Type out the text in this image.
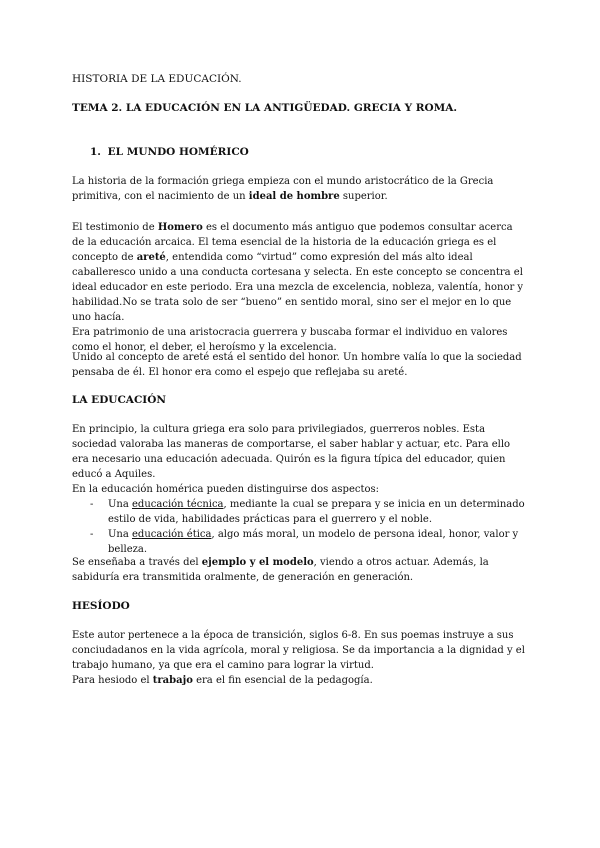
HISTORIA DE LA EDUCACIÓN.

TEMA 2. LA EDUCACIÓN EN LA ANTIGÜEDAD. GRECIA Y ROMA.

1. EL MUNDO HOMÉRICO

La historia de la formación griega empieza con el mundo aristocrático de la Grecia primitiva, con el nacimiento de un ideal de hombre superior.

El testimonio de Homero es el documento más antiguo que podemos consultar acerca de la educación arcaica. El tema esencial de la historia de la educación griega es el concepto de areté, entendida como “virtud” como expresión del más alto ideal caballeresco unido a una conducta cortesana y selecta. En este concepto se concentra el ideal educador en este periodo. Era una mezcla de excelencia, nobleza, valentía, honor y habilidad.No se trata solo de ser “bueno” en sentido moral, sino ser el mejor en lo que uno hacía.

Era patrimonio de una aristocracia guerrera y buscaba formar el individuo en valores como el honor, el deber, el heroísmo y la excelencia.

Unido al concepto de areté está el sentido del honor. Un hombre valía lo que la sociedad pensaba de él. El honor era como el espejo que reflejaba su areté.

LA EDUCACIÓN

En principio, la cultura griega era solo para privilegiados, guerreros nobles. Esta sociedad valoraba las maneras de comportarse, el saber hablar y actuar, etc. Para ello era necesario una educación adecuada. Quirón es la figura típica del educador, quien educó a Aquiles.

En la educación homérica pueden distinguirse dos aspectos:

- Una educación técnica, mediante la cual se prepara y se inicia en un determinado estilo de vida, habilidades prácticas para el guerrero y el noble.
- Una educación ética, algo más moral, un modelo de persona ideal, honor, valor y belleza.

Se enseñaba a través del ejemplo y el modelo, viendo a otros actuar. Además, la sabiduría era transmitida oralmente, de generación en generación.

HESÍODO

Este autor pertenece a la época de transición, siglos 6-8. En sus poemas instruye a sus conciudadanos en la vida agrícola, moral y religiosa. Se da importancia a la dignidad y el trabajo humano, ya que era el camino para lograr la virtud.

Para hesiodo el trabajo era el fin esencial de la pedagogía.
